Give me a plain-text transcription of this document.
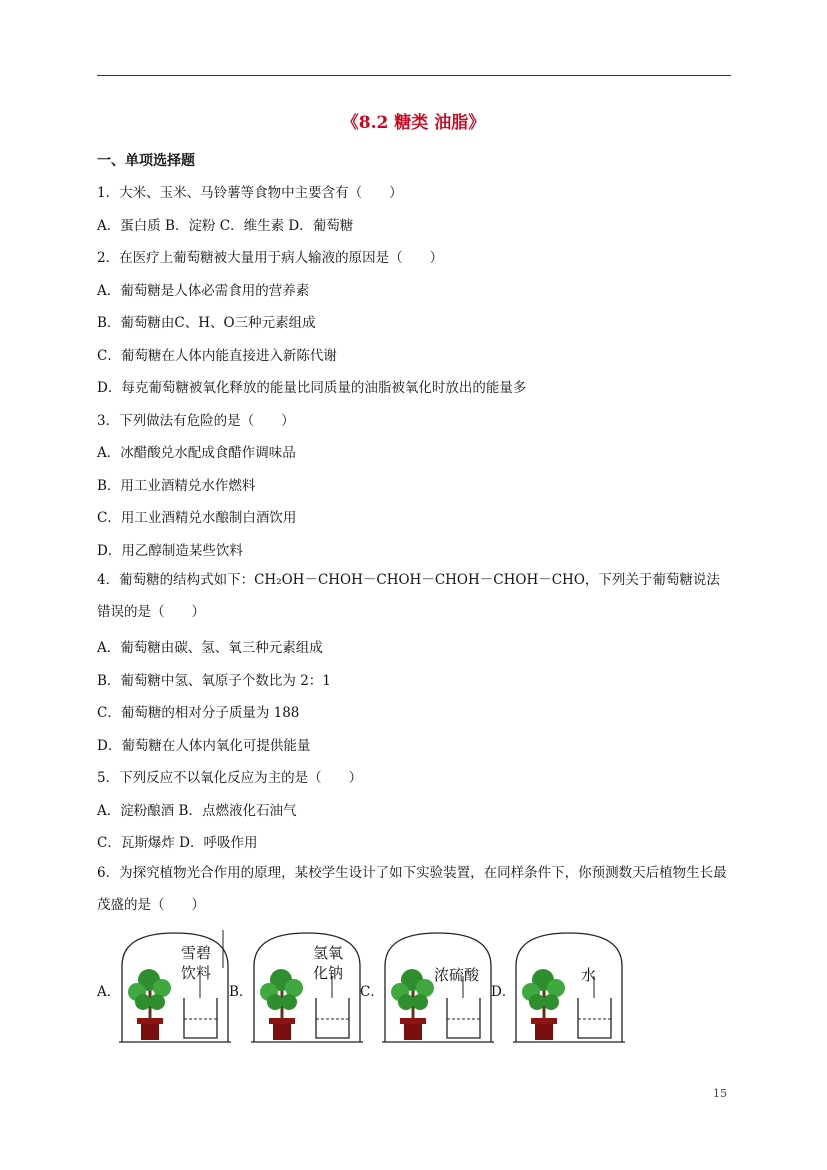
《8.2 糖类 油脂》
一、单项选择题
1．大米、玉米、马铃薯等食物中主要含有（　　）
A．蛋白质 B．淀粉 C．维生素 D．葡萄糖
2．在医疗上葡萄糖被大量用于病人输液的原因是（　　）
A．葡萄糖是人体必需食用的营养素
B．葡萄糖由C、H、O三种元素组成
C．葡萄糖在人体内能直接进入新陈代谢
D．每克葡萄糖被氧化释放的能量比同质量的油脂被氧化时放出的能量多
3．下列做法有危险的是（　　）
A．冰醋酸兑水配成食醋作调味品
B．用工业酒精兑水作燃料
C．用工业酒精兑水酿制白酒饮用
D．用乙醇制造某些饮料
4．葡萄糖的结构式如下：CH₂OH－CHOH－CHOH－CHOH－CHOH－CHO，下列关于葡萄糖说法错误的是（　　）
A．葡萄糖由碳、氢、氧三种元素组成
B．葡萄糖中氢、氧原子个数比为 2：1
C．葡萄糖的相对分子质量为 188
D．葡萄糖在人体内氧化可提供能量
5．下列反应不以氧化反应为主的是（　　）
A．淀粉酿酒 B．点燃液化石油气
C．瓦斯爆炸 D．呼吸作用
6．为探究植物光合作用的原理，某校学生设计了如下实验装置，在同样条件下，你预测数天后植物生长最茂盛的是（　　）
A．
雪碧
饮料
B．
氢氧
化钠
C．
浓硫酸
D．
水
15
